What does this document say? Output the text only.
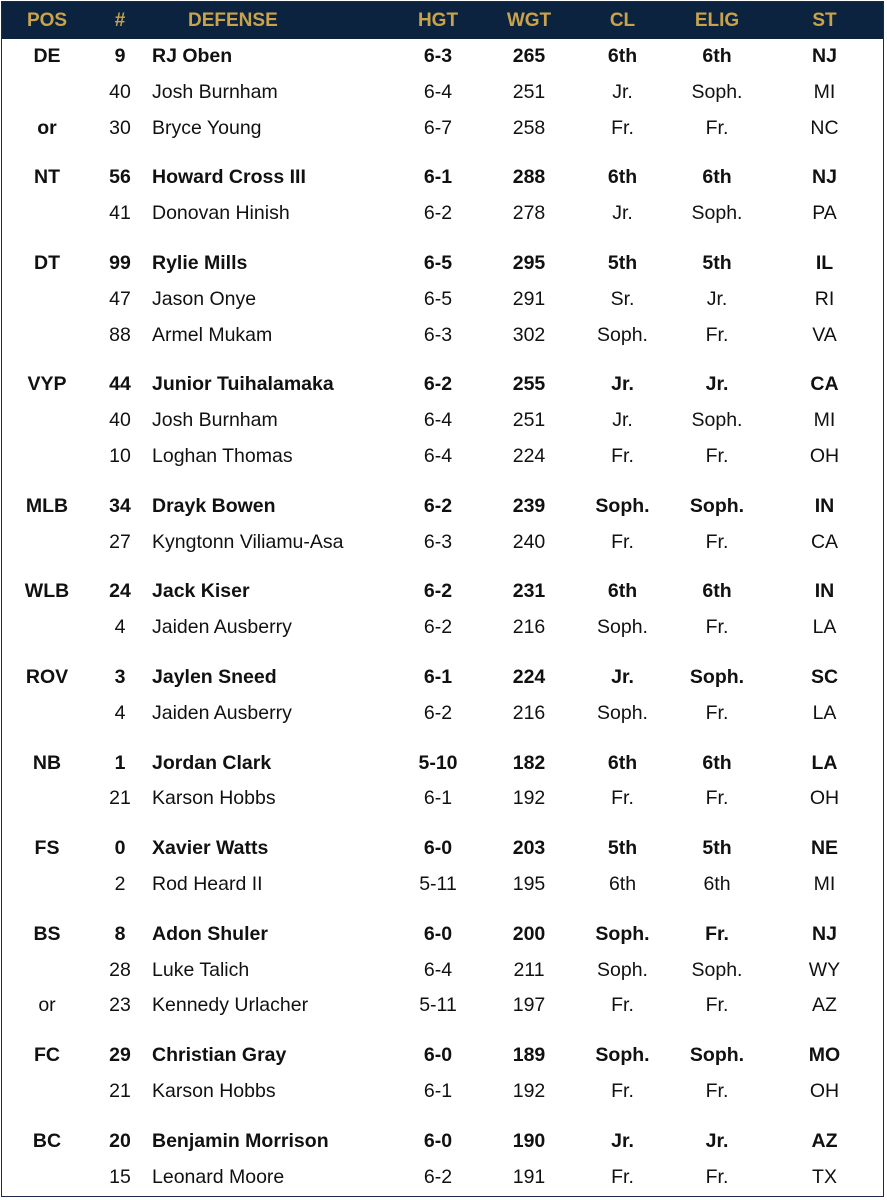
POS	#	DEFENSE	HGT	WGT	CL	ELIG	ST
DE	9	RJ Oben	6-3	265	6th	6th	NJ
	40	Josh Burnham	6-4	251	Jr.	Soph.	MI
or	30	Bryce Young	6-7	258	Fr.	Fr.	NC
NT	56	Howard Cross III	6-1	288	6th	6th	NJ
	41	Donovan Hinish	6-2	278	Jr.	Soph.	PA
DT	99	Rylie Mills	6-5	295	5th	5th	IL
	47	Jason Onye	6-5	291	Sr.	Jr.	RI
	88	Armel Mukam	6-3	302	Soph.	Fr.	VA
VYP	44	Junior Tuihalamaka	6-2	255	Jr.	Jr.	CA
	40	Josh Burnham	6-4	251	Jr.	Soph.	MI
	10	Loghan Thomas	6-4	224	Fr.	Fr.	OH
MLB	34	Drayk Bowen	6-2	239	Soph.	Soph.	IN
	27	Kyngtonn Viliamu-Asa	6-3	240	Fr.	Fr.	CA
WLB	24	Jack Kiser	6-2	231	6th	6th	IN
	4	Jaiden Ausberry	6-2	216	Soph.	Fr.	LA
ROV	3	Jaylen Sneed	6-1	224	Jr.	Soph.	SC
	4	Jaiden Ausberry	6-2	216	Soph.	Fr.	LA
NB	1	Jordan Clark	5-10	182	6th	6th	LA
	21	Karson Hobbs	6-1	192	Fr.	Fr.	OH
FS	0	Xavier Watts	6-0	203	5th	5th	NE
	2	Rod Heard II	5-11	195	6th	6th	MI
BS	8	Adon Shuler	6-0	200	Soph.	Fr.	NJ
	28	Luke Talich	6-4	211	Soph.	Soph.	WY
or	23	Kennedy Urlacher	5-11	197	Fr.	Fr.	AZ
FC	29	Christian Gray	6-0	189	Soph.	Soph.	MO
	21	Karson Hobbs	6-1	192	Fr.	Fr.	OH
BC	20	Benjamin Morrison	6-0	190	Jr.	Jr.	AZ
	15	Leonard Moore	6-2	191	Fr.	Fr.	TX
